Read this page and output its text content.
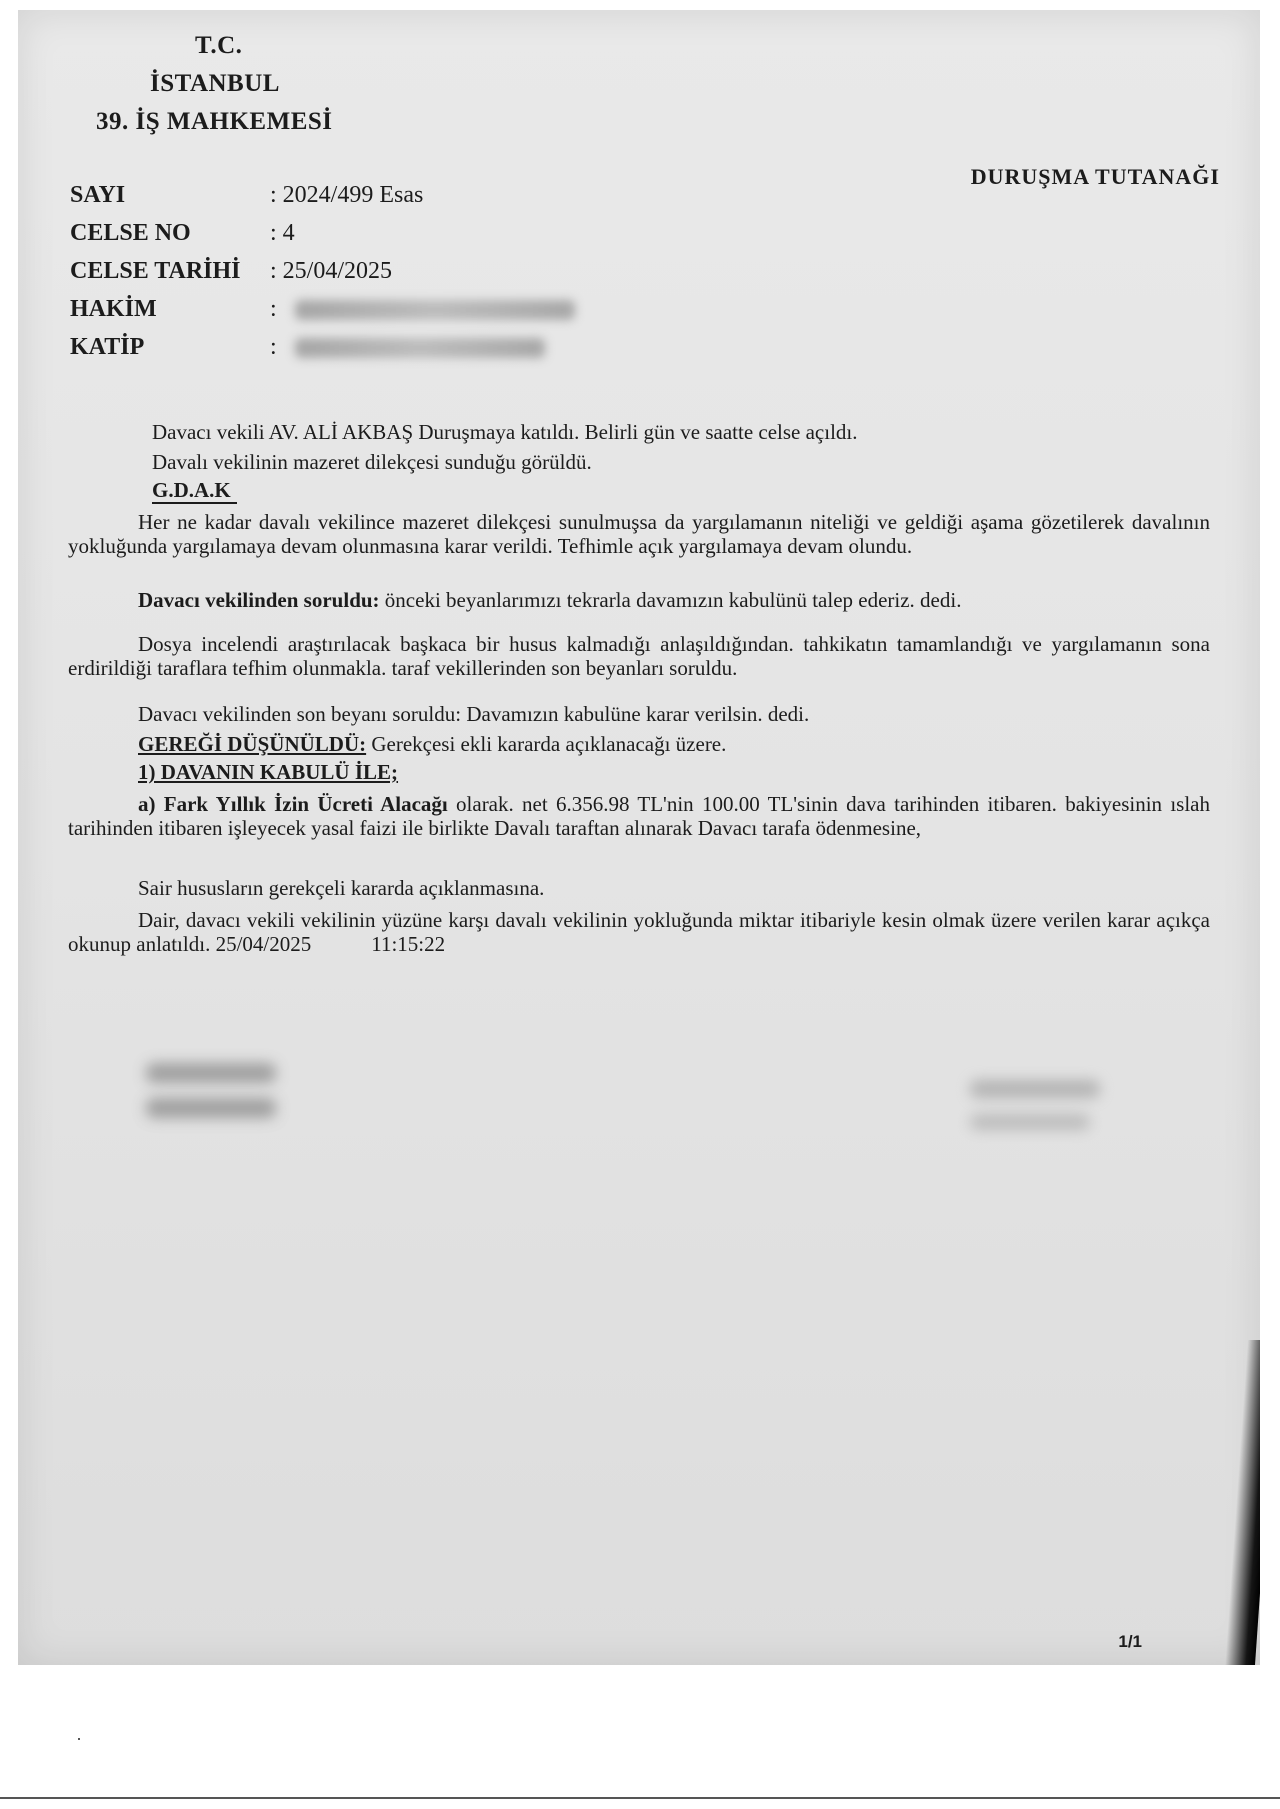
T.C.
İSTANBUL
39. İŞ MAHKEMESİ
DURUŞMA TUTANAĞI
SAYI	: 2024/499 Esas
CELSE NO	: 4
CELSE TARİHİ : 25/04/2025
HAKİM	:
KATİP	:
Davacı vekili AV. ALİ AKBAŞ Duruşmaya katıldı. Belirli gün ve saatte celse açıldı.
Davalı vekilinin mazeret dilekçesi sunduğu görüldü.
G.D.A.K
Her ne kadar davalı vekilince mazeret dilekçesi sunulmuşsa da yargılamanın niteliği ve geldiği aşama gözetilerek davalının yokluğunda yargılamaya devam olunmasına karar verildi. Tefhimle açık yargılamaya devam olundu.
Davacı vekilinden soruldu: önceki beyanlarımızı tekrarla davamızın kabulünü talep ederiz. dedi.
Dosya incelendi araştırılacak başkaca bir husus kalmadığı anlaşıldığından. tahkikatın tamamlandığı ve yargılamanın sona erdirildiği taraflara tefhim olunmakla. taraf vekillerinden son beyanları soruldu.
Davacı vekilinden son beyanı soruldu: Davamızın kabulüne karar verilsin. dedi.
GEREĞİ DÜŞÜNÜLDÜ: Gerekçesi ekli kararda açıklanacağı üzere.
1) DAVANIN KABULÜ İLE;
a) Fark Yıllık İzin Ücreti Alacağı olarak. net 6.356.98 TL'nin 100.00 TL'sinin dava tarihinden itibaren. bakiyesinin ıslah tarihinden itibaren işleyecek yasal faizi ile birlikte Davalı taraftan alınarak Davacı tarafa ödenmesine,
Sair hususların gerekçeli kararda açıklanmasına.
Dair, davacı vekili vekilinin yüzüne karşı davalı vekilinin yokluğunda miktar itibariyle kesin olmak üzere verilen karar açıkça okunup anlatıldı. 25/04/2025	11:15:22
1/1
